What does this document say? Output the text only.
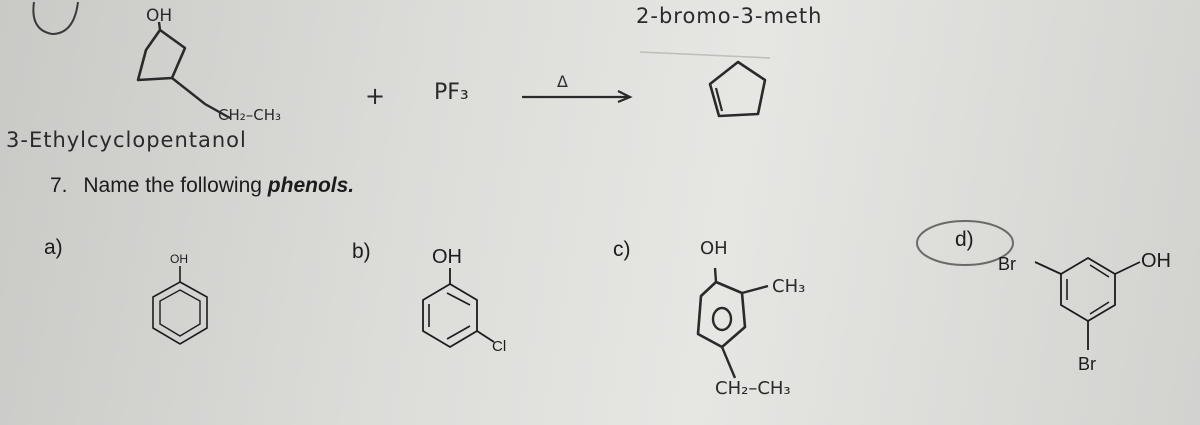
OH
CH₂–CH₃
+ PF₃	Δ
3-Ethylcyclopentanol
2-bromo-3-meth
7. Name the following phenols.
a)	b)	c)	d)
OH	OH
Cl
OH
CH₃
CH₂–CH₃
Br	OH
Br
